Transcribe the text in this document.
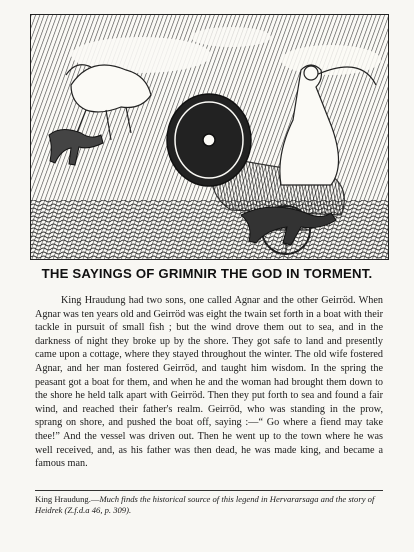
THE SAYINGS OF GRIMNIR THE GOD IN TORMENT.

King Hraudung had two sons, one called Agnar and the other Geirröd. When Agnar was ten years old and Geirröd was eight the twain set forth in a boat with their tackle in pursuit of small fish ; but the wind drove them out to sea, and in the darkness of night they broke up by the shore. They got safe to land and presently came upon a cottage, where they stayed throughout the winter. The old wife fostered Agnar, and her man fostered Geirröd, and taught him wisdom. In the spring the peasant got a boat for them, and when he and the woman had brought them down to the shore he held talk apart with Geirröd. Then they put forth to sea and found a fair wind, and reached their father's realm. Geirröd, who was standing in the prow, sprang on shore, and pushed the boat off, saying :—“ Go where a fiend may take thee!” And the vessel was driven out. Then he went up to the town where he was well received, and, as his father was then dead, he was made king, and became a famous man.

King Hraudung.—Much finds the historical source of this legend in Hervararsaga and the story of Heidrek (Z.f.d.a 46, p. 309).
